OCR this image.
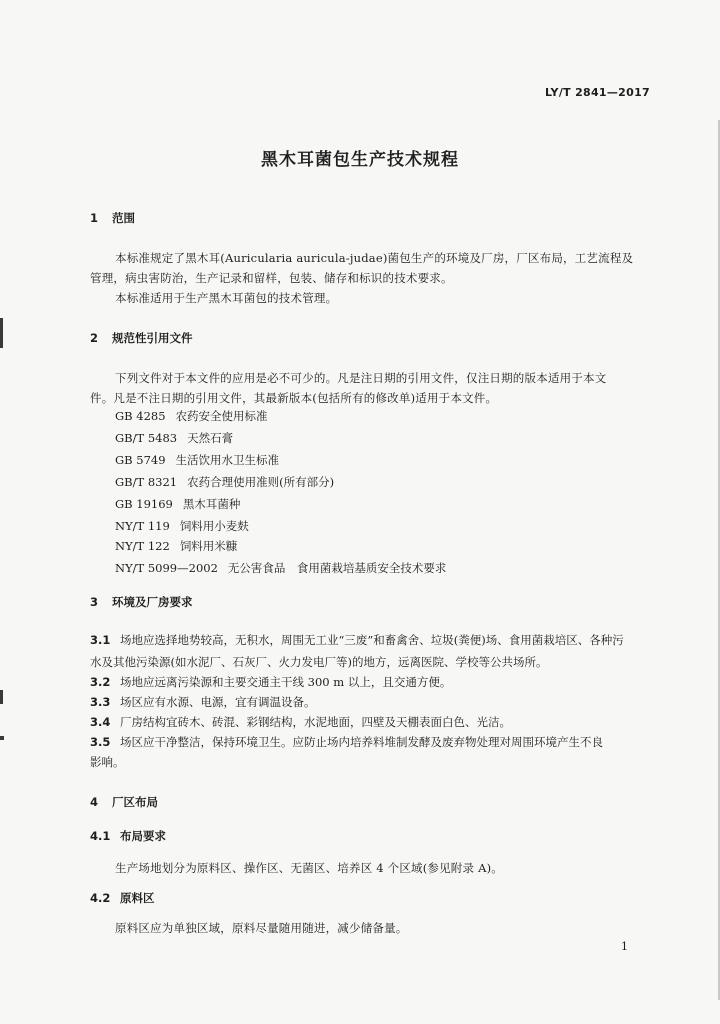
LY/T 2841—2017
黑木耳菌包生产技术规程
1 范围
本标准规定了黑木耳(Auricularia auricula-judae)菌包生产的环境及厂房，厂区布局，工艺流程及
管理，病虫害防治，生产记录和留样，包装、储存和标识的技术要求。
本标准适用于生产黑木耳菌包的技术管理。
2 规范性引用文件
下列文件对于本文件的应用是必不可少的。凡是注日期的引用文件，仅注日期的版本适用于本文
件。凡是不注日期的引用文件，其最新版本(包括所有的修改单)适用于本文件。
GB 4285 农药安全使用标准
GB/T 5483 天然石膏
GB 5749 生活饮用水卫生标准
GB/T 8321 农药合理使用准则(所有部分)
GB 19169 黑木耳菌种
NY/T 119 饲料用小麦麸
NY/T 122 饲料用米糠
NY/T 5099—2002 无公害食品　食用菌栽培基质安全技术要求
3 环境及厂房要求
3.1 场地应选择地势较高，无积水，周围无工业“三废”和畜禽舍、垃圾(粪便)场、食用菌栽培区、各种污
水及其他污染源(如水泥厂、石灰厂、火力发电厂等)的地方，远离医院、学校等公共场所。
3.2 场地应远离污染源和主要交通主干线 300 m 以上，且交通方便。
3.3 场区应有水源、电源，宜有调温设备。
3.4 厂房结构宜砖木、砖混、彩钢结构，水泥地面，四壁及天棚表面白色、光洁。
3.5 场区应干净整洁，保持环境卫生。应防止场内培养料堆制发酵及废弃物处理对周围环境产生不良
影响。
4 厂区布局
4.1 布局要求
生产场地划分为原料区、操作区、无菌区、培养区 4 个区域(参见附录 A)。
4.2 原料区
原料区应为单独区域，原料尽量随用随进，减少储备量。
1
